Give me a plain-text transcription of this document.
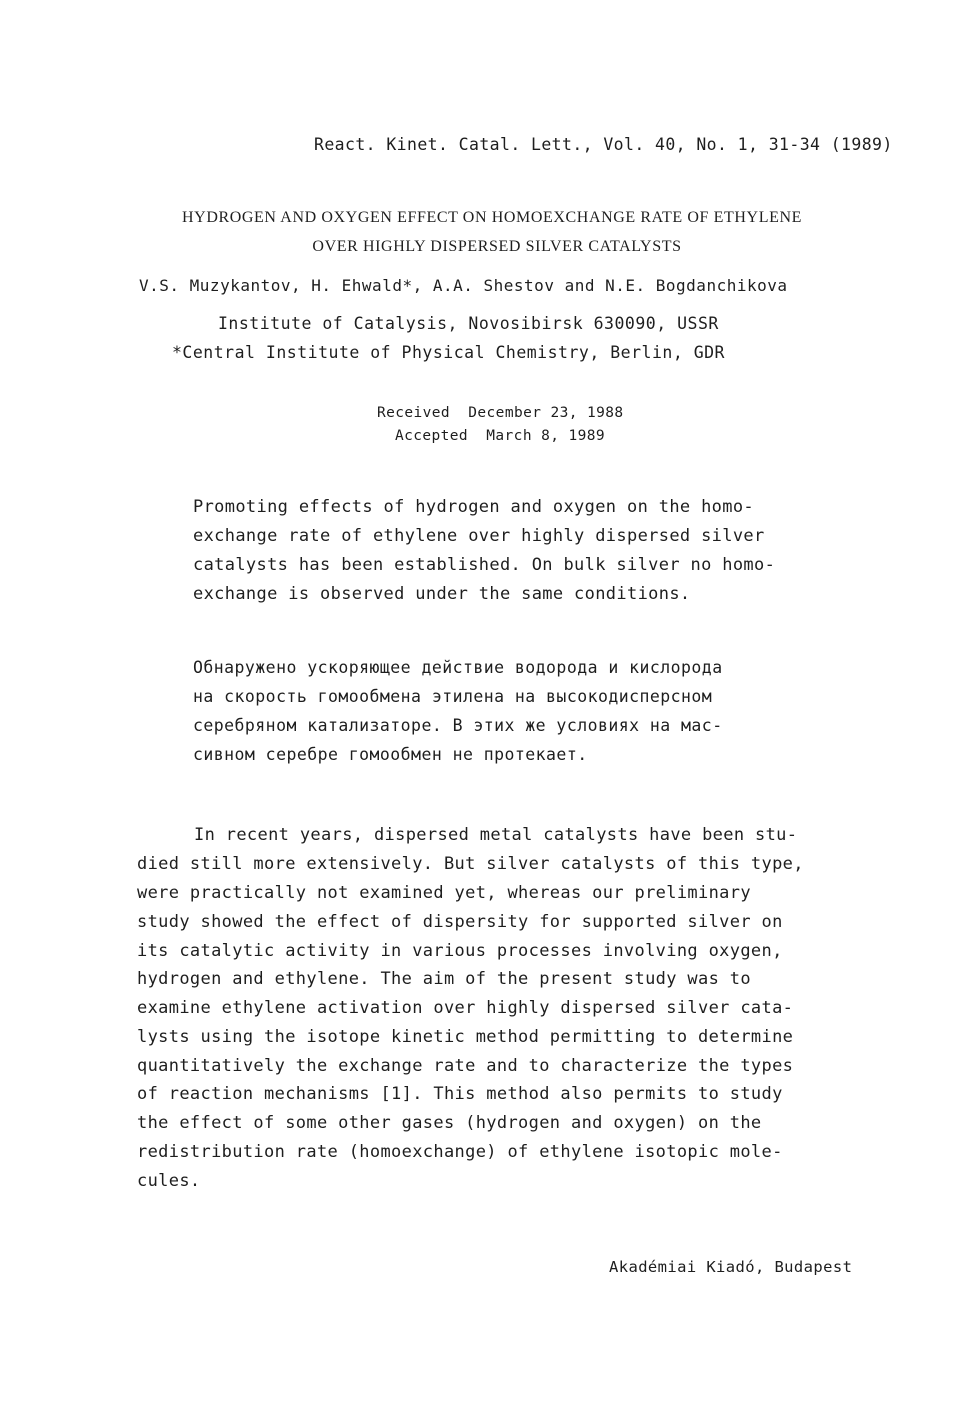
React. Kinet. Catal. Lett., Vol. 40, No. 1, 31-34 (1989)
HYDROGEN AND OXYGEN EFFECT ON HOMOEXCHANGE RATE OF ETHYLENE
OVER HIGHLY DISPERSED SILVER CATALYSTS
V.S. Muzykantov, H. Ehwald*, A.A. Shestov and N.E. Bogdanchikova
Institute of Catalysis, Novosibirsk 630090, USSR
*Central Institute of Physical Chemistry, Berlin, GDR
Received  December 23, 1988
Accepted  March 8, 1989
Promoting effects of hydrogen and oxygen on the homo-
exchange rate of ethylene over highly dispersed silver
catalysts has been established. On bulk silver no homo-
exchange is observed under the same conditions.
Обнаружено ускоряющее действие водорода и кислорода
на скорость гомообмена этилена на высокодисперсном
серебряном катализаторе. В этих же условиях на мас-
сивном серебре гомообмен не протекает.
In recent years, dispersed metal catalysts have been stu-
died still more extensively. But silver catalysts of this type,
were practically not examined yet, whereas our preliminary
study showed the effect of dispersity for supported silver on
its catalytic activity in various processes involving oxygen,
hydrogen and ethylene. The aim of the present study was to
examine ethylene activation over highly dispersed silver cata-
lysts using the isotope kinetic method permitting to determine
quantitatively the exchange rate and to characterize the types
of reaction mechanisms [1]. This method also permits to study
the effect of some other gases (hydrogen and oxygen) on the
redistribution rate (homoexchange) of ethylene isotopic mole-
cules.
Akadémiai Kiadó, Budapest
